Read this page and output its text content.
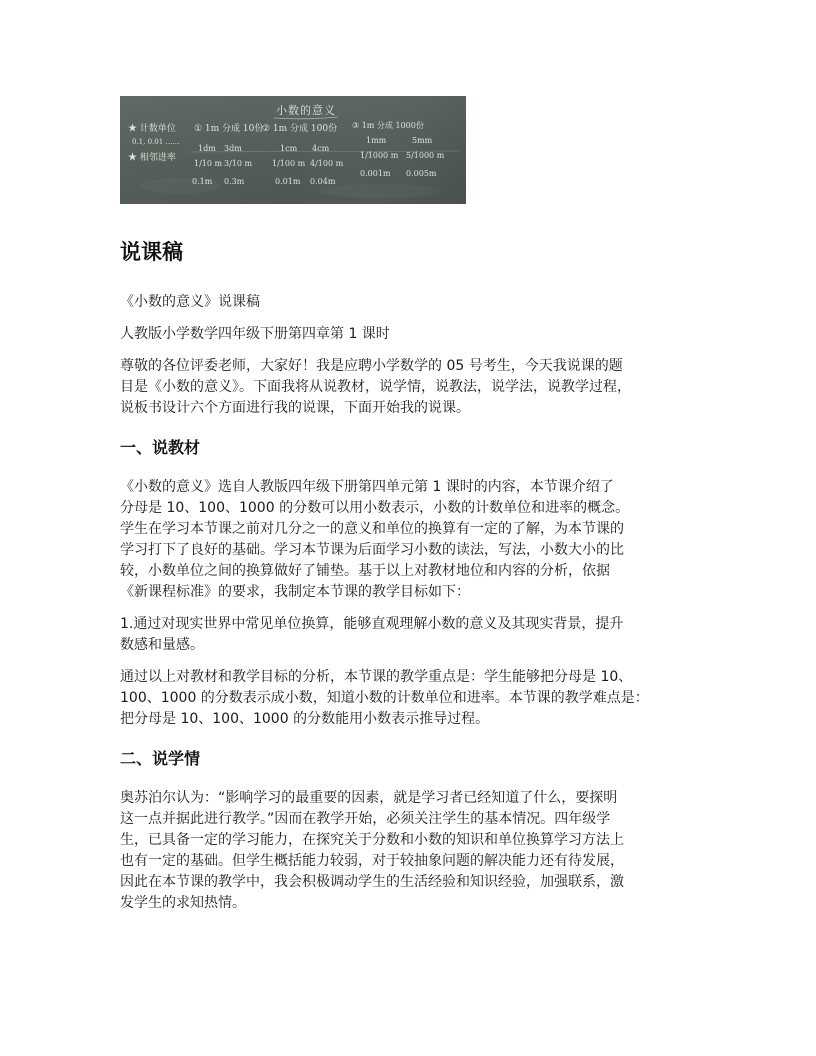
小数的意义
★ 计数单位
0.1, 0.01 ……
★ 相邻进率
① 1m 分成 10份
1dm 3dm
1/10 m 3/10 m
0.1m 0.3m
② 1m 分成 100份
1cm 4cm
1/100 m 4/100 m
0.01m 0.04m
③ 1m 分成 1000份
1mm	5mm
1/1000 m 5/1000 m
0.001m 0.005m
说课稿

《小数的意义》说课稿

人教版小学数学四年级下册第四章第 1 课时

尊敬的各位评委老师，大家好！我是应聘小学数学的 05 号考生，今天我说课的题

目是《小数的意义》。下面我将从说教材，说学情，说教法，说学法，说教学过程，

说板书设计六个方面进行我的说课，下面开始我的说课。

一、说教材

《小数的意义》选自人教版四年级下册第四单元第 1 课时的内容，本节课介绍了

分母是 10、100、1000 的分数可以用小数表示，小数的计数单位和进率的概念。

学生在学习本节课之前对几分之一的意义和单位的换算有一定的了解，为本节课的

学习打下了良好的基础。学习本节课为后面学习小数的读法，写法，小数大小的比

较，小数单位之间的换算做好了铺垫。基于以上对教材地位和内容的分析，依据

《新课程标准》的要求，我制定本节课的教学目标如下：

1.通过对现实世界中常见单位换算，能够直观理解小数的意义及其现实背景，提升

数感和量感。

通过以上对教材和教学目标的分析，本节课的教学重点是：学生能够把分母是 10、

100、1000 的分数表示成小数，知道小数的计数单位和进率。本节课的教学难点是：

把分母是 10、100、1000 的分数能用小数表示推导过程。

二、说学情

奥苏泊尔认为：“影响学习的最重要的因素，就是学习者已经知道了什么，要探明

这一点并据此进行教学。”因而在教学开始，必须关注学生的基本情况。四年级学

生，已具备一定的学习能力，在探究关于分数和小数的知识和单位换算学习方法上

也有一定的基础。但学生概括能力较弱，对于较抽象问题的解决能力还有待发展，

因此在本节课的教学中，我会积极调动学生的生活经验和知识经验，加强联系，激

发学生的求知热情。
